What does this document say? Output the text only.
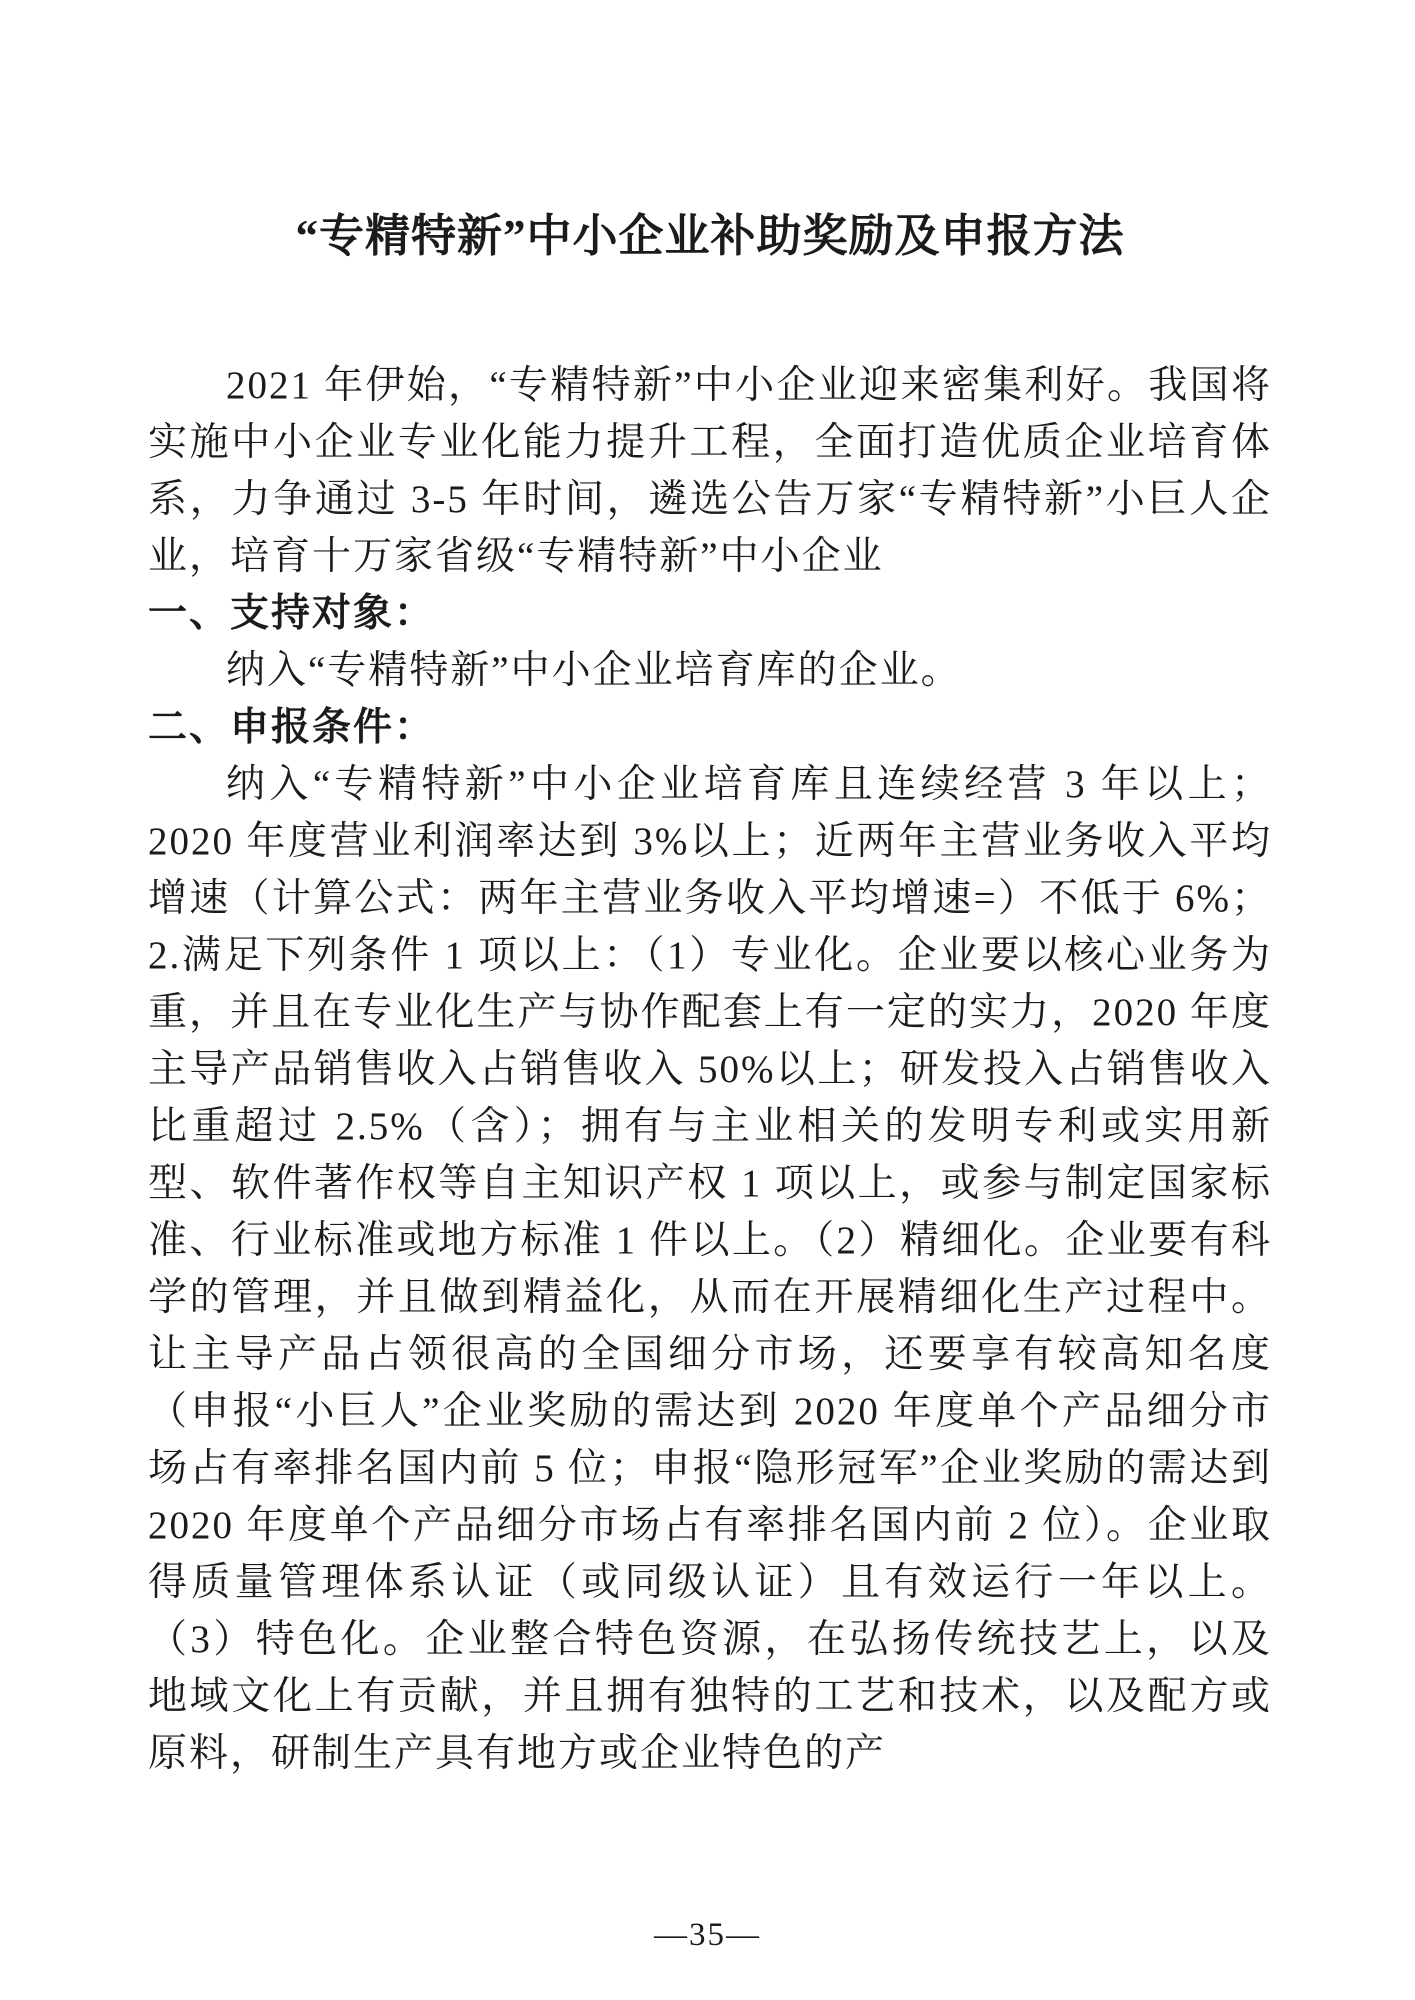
“专精特新”中小企业补助奖励及申报方法

2021 年伊始，“专精特新”中小企业迎来密集利好。我国将实施中小企业专业化能力提升工程，全面打造优质企业培育体系，力争通过 3-5 年时间，遴选公告万家“专精特新”小巨人企业，培育十万家省级“专精特新”中小企业

一、支持对象：

纳入“专精特新”中小企业培育库的企业。

二、申报条件：

纳入“专精特新”中小企业培育库且连续经营 3 年以上；2020 年度营业利润率达到 3%以上；近两年主营业务收入平均增速（计算公式：两年主营业务收入平均增速=）不低于 6%；2.满足下列条件 1 项以上：（1）专业化。企业要以核心业务为重，并且在专业化生产与协作配套上有一定的实力，2020 年度主导产品销售收入占销售收入 50%以上；研发投入占销售收入比重超过 2.5%（含）；拥有与主业相关的发明专利或实用新型、软件著作权等自主知识产权 1 项以上，或参与制定国家标准、行业标准或地方标准 1 件以上。（2）精细化。企业要有科学的管理，并且做到精益化，从而在开展精细化生产过程中。让主导产品占领很高的全国细分市场，还要享有较高知名度（申报“小巨人”企业奖励的需达到 2020 年度单个产品细分市场占有率排名国内前 5 位；申报“隐形冠军”企业奖励的需达到 2020 年度单个产品细分市场占有率排名国内前 2 位）。企业取得质量管理体系认证（或同级认证）且有效运行一年以上。（3）特色化。企业整合特色资源，在弘扬传统技艺上，以及地域文化上有贡献，并且拥有独特的工艺和技术，以及配方或原料，研制生产具有地方或企业特色的产

—35—
